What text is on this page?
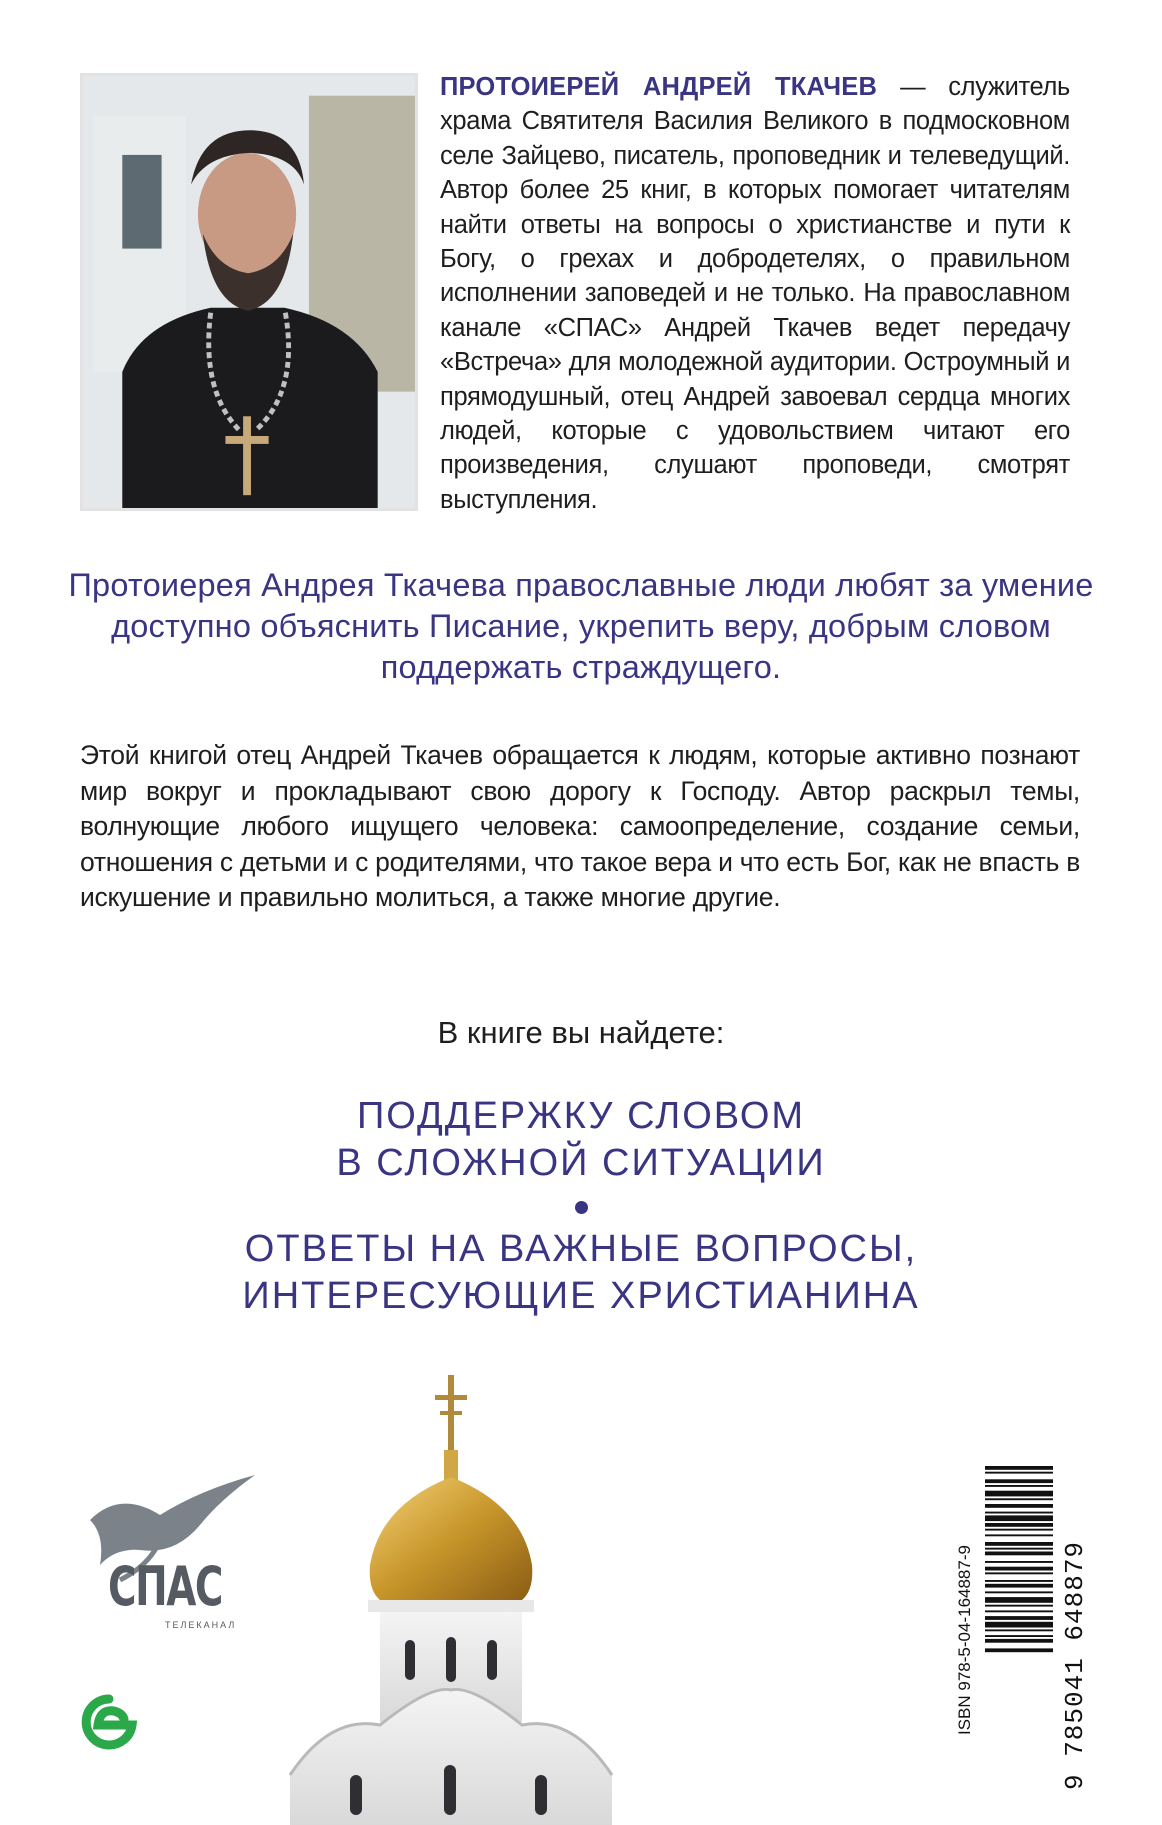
ПРОТОИЕРЕЙ АНДРЕЙ ТКАЧЕВ — служитель храма Святителя Василия Великого в подмосковном селе Зайцево, писатель, проповедник и телеведущий. Автор более 25 книг, в которых помогает читателям найти ответы на вопросы о христианстве и пути к Богу, о грехах и добродетелях, о правильном исполнении заповедей и не только. На православном канале «СПАС» Андрей Ткачев ведет передачу «Встреча» для молодежной аудитории. Остроумный и прямодушный, отец Андрей завоевал сердца многих людей, которые с удовольствием читают его произведения, слушают проповеди, смотрят выступления.
Протоиерея Андрея Ткачева православные люди любят за умение доступно объяснить Писание, укрепить веру, добрым словом поддержать страждущего.
Этой книгой отец Андрей Ткачев обращается к людям, которые активно познают мир вокруг и прокладывают свою дорогу к Господу. Автор раскрыл темы, волнующие любого ищущего человека: самоопределение, создание семьи, отношения с детьми и с родителями, что такое вера и что есть Бог, как не впасть в искушение и правильно молиться, а также многие другие.
В книге вы найдете:
ПОДДЕРЖКУ СЛОВОМ
В СЛОЖНОЙ СИТУАЦИИ
ОТВЕТЫ НА ВАЖНЫЕ ВОПРОСЫ,
ИНТЕРЕСУЮЩИЕ ХРИСТИАНИНА
СПАС
ТЕЛЕКАНАЛ	ISBN 978-5-04-164887-9	9 785041 648879
